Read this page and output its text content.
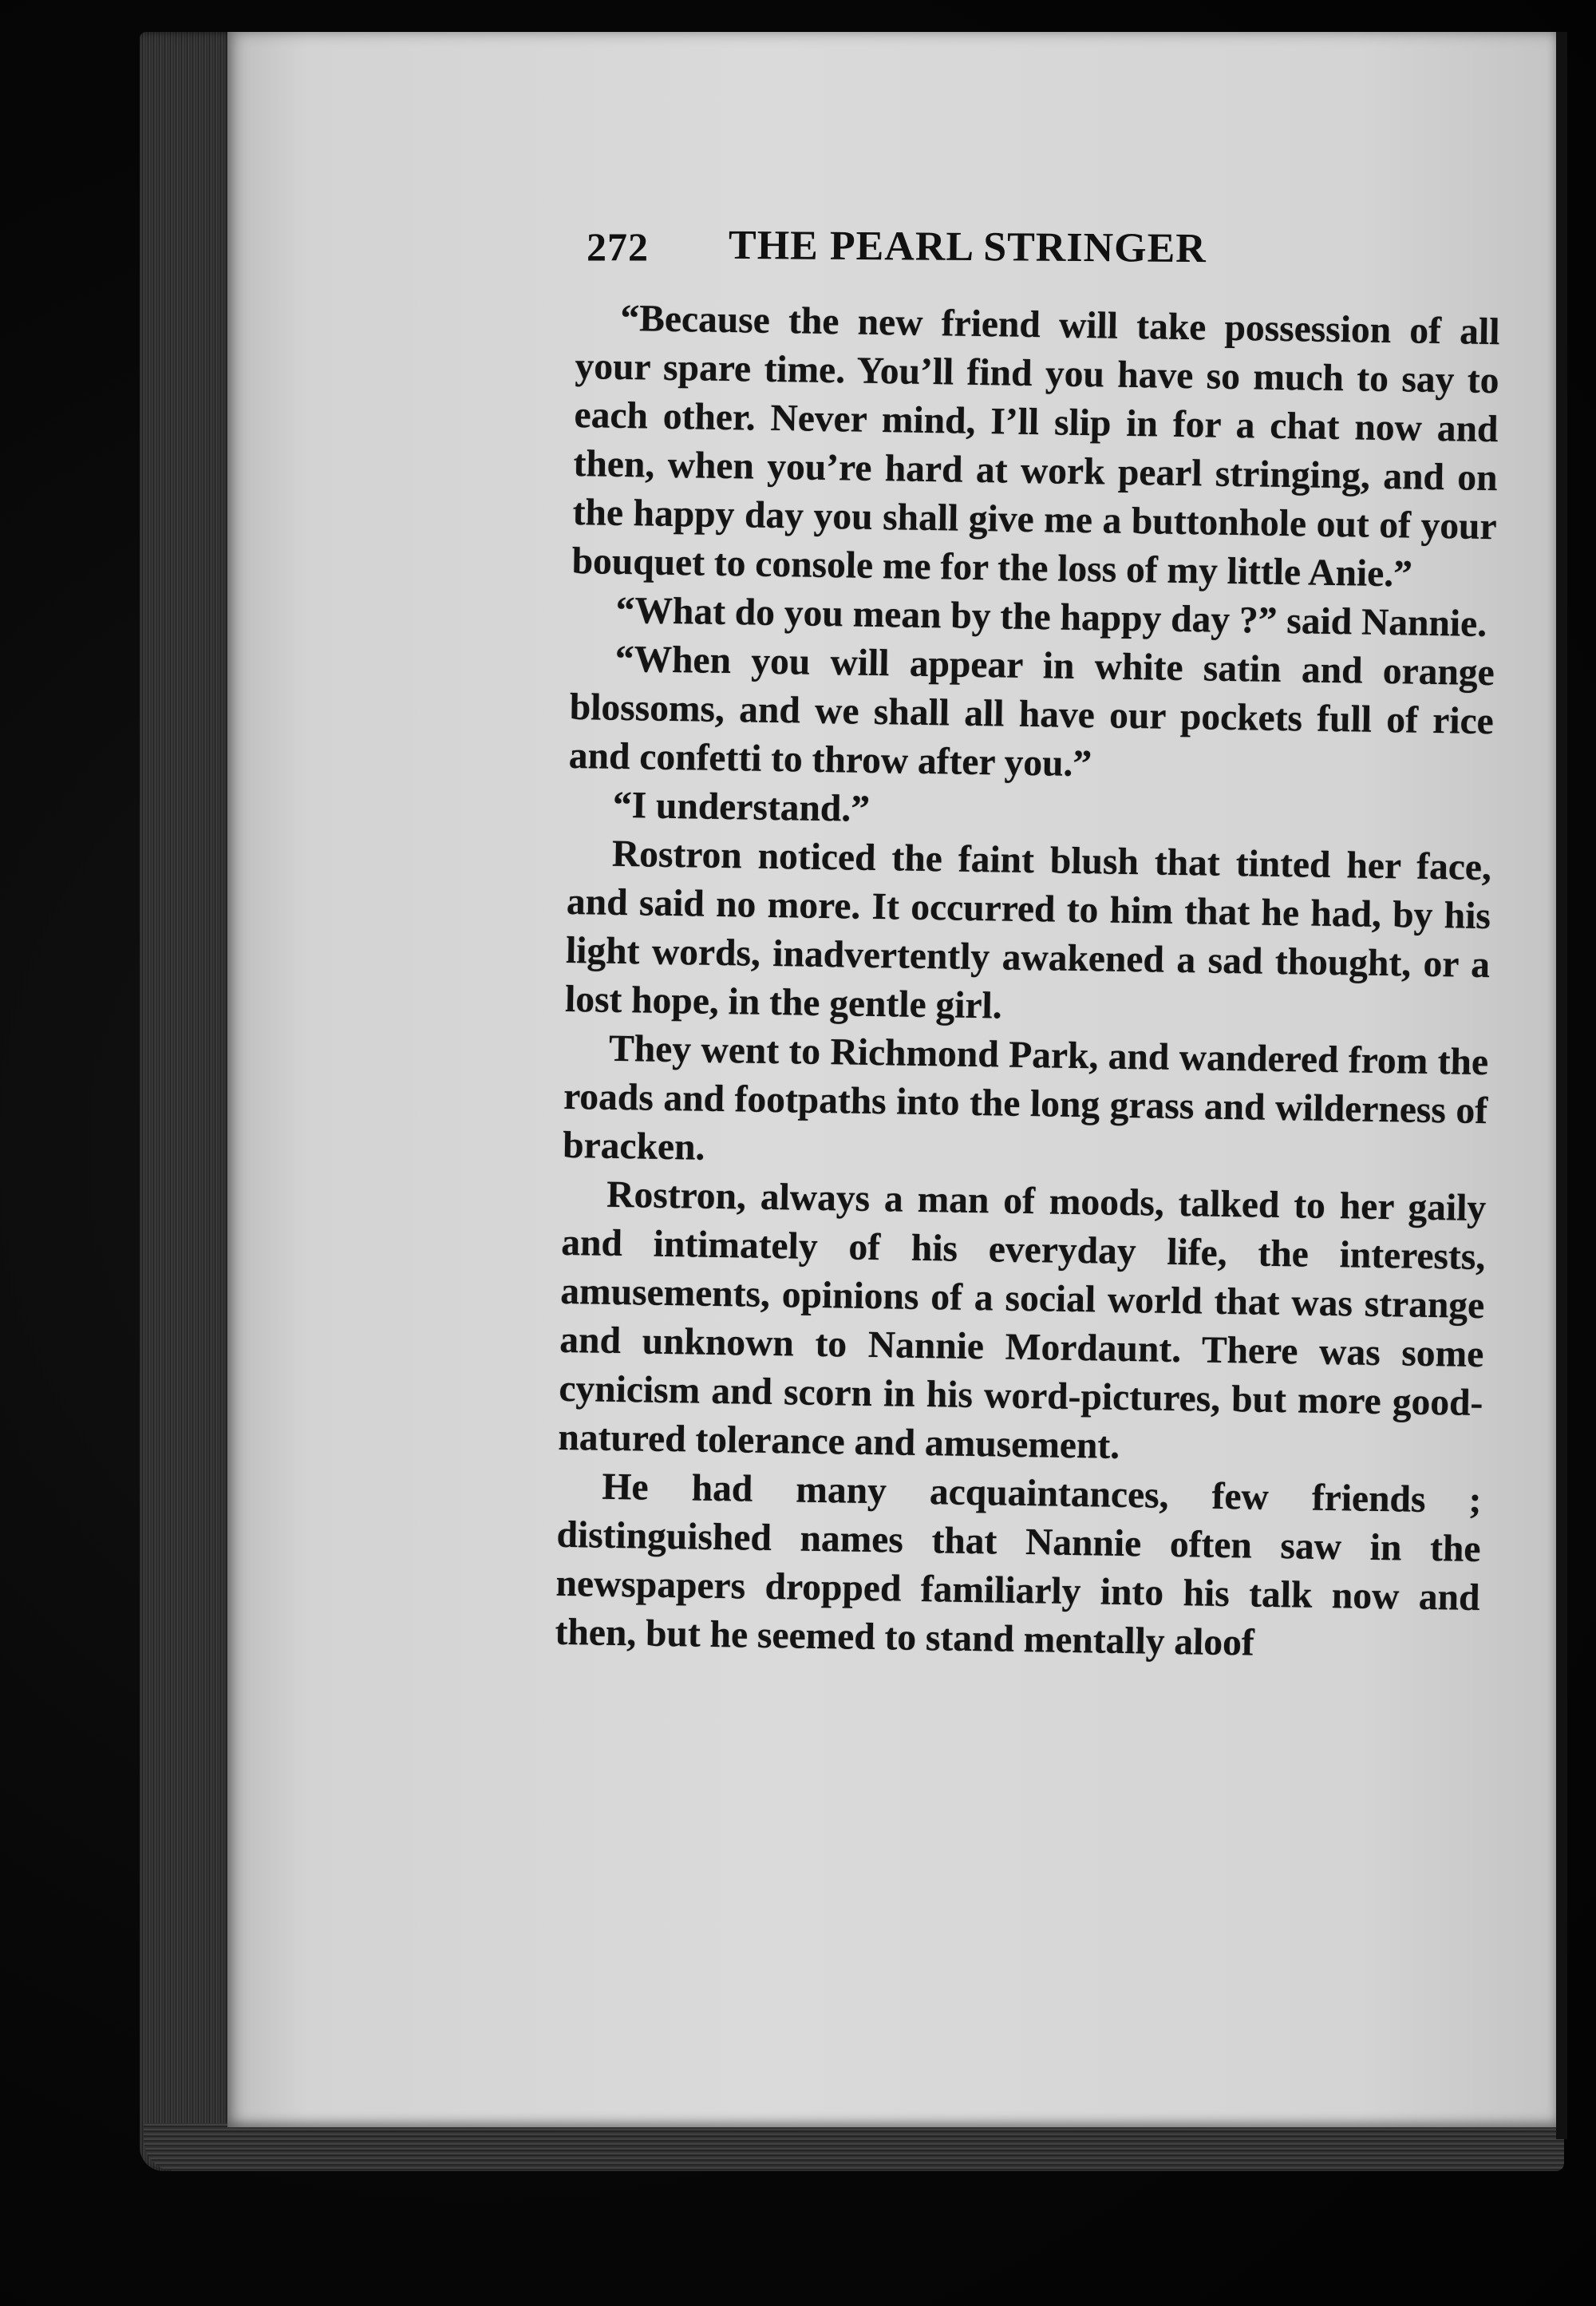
272 THE PEARL STRINGER

“Because the new friend will take possession of all your spare time. You’ll find you have so much to say to each other. Never mind, I’ll slip in for a chat now and then, when you’re hard at work pearl stringing, and on the happy day you shall give me a buttonhole out of your bouquet to console me for the loss of my little Anie.”

“What do you mean by the happy day ?” said Nannie.

“When you will appear in white satin and orange blossoms, and we shall all have our pockets full of rice and confetti to throw after you.”

“I understand.”

Rostron noticed the faint blush that tinted her face, and said no more. It occurred to him that he had, by his light words, inadvertently awakened a sad thought, or a lost hope, in the gentle girl.

They went to Richmond Park, and wandered from the roads and footpaths into the long grass and wilderness of bracken.

Rostron, always a man of moods, talked to her gaily and intimately of his everyday life, the interests, amusements, opinions of a social world that was strange and unknown to Nannie Mordaunt. There was some cynicism and scorn in his word-pictures, but more good-natured tolerance and amusement.

He had many acquaintances, few friends ; distinguished names that Nannie often saw in the newspapers dropped familiarly into his talk now and then, but he seemed to stand mentally aloof
